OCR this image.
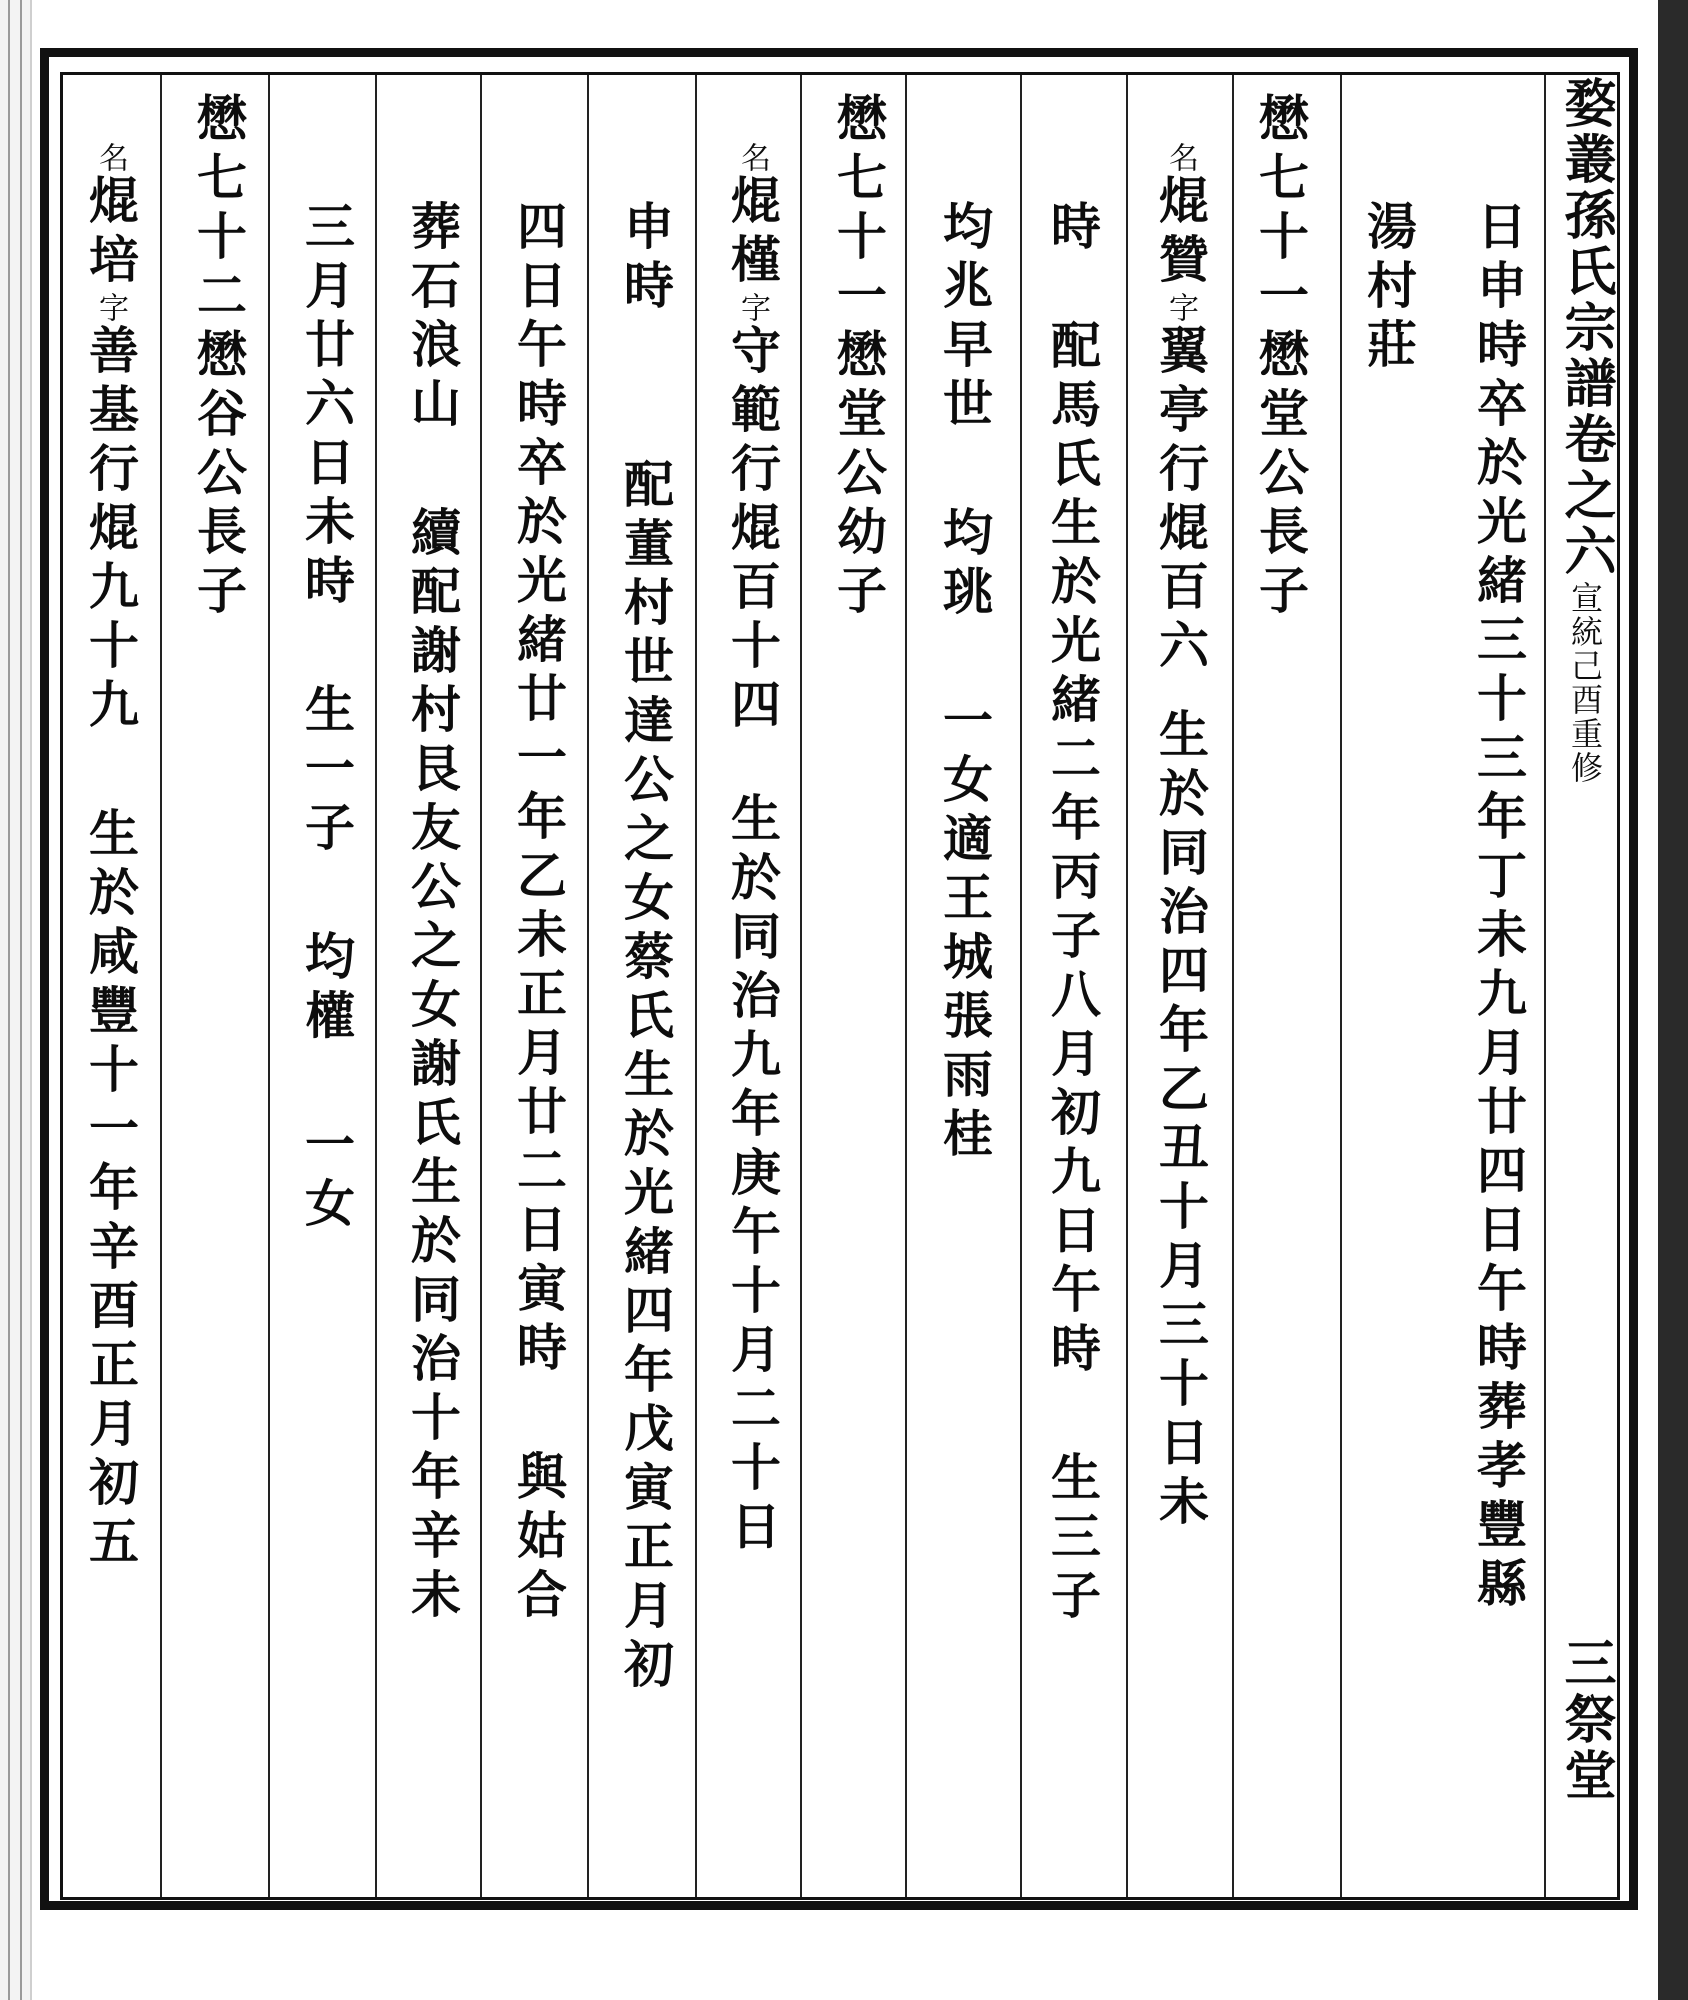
婺叢孫氏宗譜卷之六
宣統己酉重修
三祭堂
日申時卒於光緒三十三年丁未九月廿四日午時葬孝豐縣
湯村莊
懋七十一懋堂公長子
名焜贊字翼亭行焜百六生於同治四年乙丑十月三十日未
時配馬氏生於光緒二年丙子八月初九日午時生三子
均兆早世均珧一女適王城張雨桂
懋七十一懋堂公幼子
名焜槿字守範行焜百十四生於同治九年庚午十月二十日
申時配董村世達公之女蔡氏生於光緒四年戊寅正月初
四日午時卒於光緒廿一年乙未正月廿二日寅時與姑合
葬石浪山續配謝村艮友公之女謝氏生於同治十年辛未
三月廿六日未時生一子均權一女
懋七十二懋谷公長子
名焜培字善基行焜九十九生於咸豐十一年辛酉正月初五
